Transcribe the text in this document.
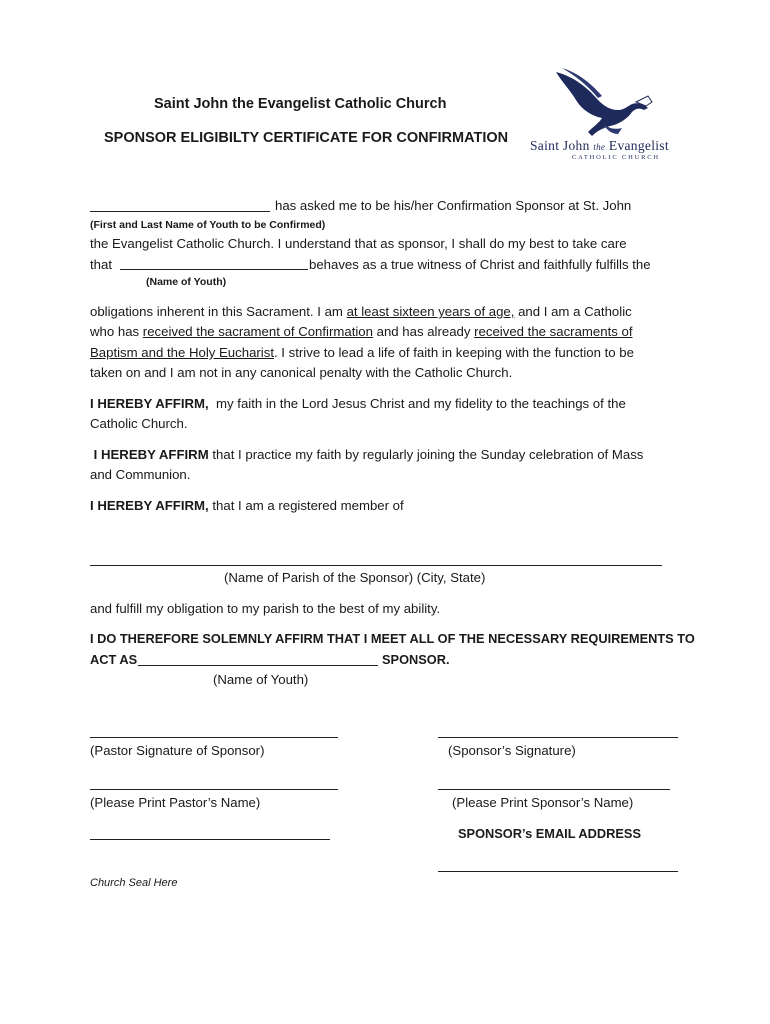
Saint John the Evangelist Catholic Church
SPONSOR ELIGIBILTY CERTIFICATE FOR CONFIRMATION Saint John the Evangelist
CATHOLIC CHURCH
has asked me to be his/her Confirmation Sponsor at St. John
(First and Last Name of Youth to be Confirmed)
the Evangelist Catholic Church. I understand that as sponsor, I shall do my best to take care
that	behaves as a true witness of Christ and faithfully fulfills the
(Name of Youth)
obligations inherent in this Sacrament. I am at least sixteen years of age, and I am a Catholic
who has received the sacrament of Confirmation and has already received the sacraments of
Baptism and the Holy Eucharist. I strive to lead a life of faith in keeping with the function to be
taken on and I am not in any canonical penalty with the Catholic Church.
I HEREBY AFFIRM,  my faith in the Lord Jesus Christ and my fidelity to the teachings of the
Catholic Church.
I HEREBY AFFIRM that I practice my faith by regularly joining the Sunday celebration of Mass
and Communion.
I HEREBY AFFIRM, that I am a registered member of
(Name of Parish of the Sponsor) (City, State)
and fulfill my obligation to my parish to the best of my ability.
I DO THEREFORE SOLEMNLY AFFIRM THAT I MEET ALL OF THE NECESSARY REQUIREMENTS TO
ACT AS	SPONSOR.
(Name of Youth)
(Pastor Signature of Sponsor)	(Sponsor’s Signature)
(Please Print Pastor’s Name)	(Please Print Sponsor’s Name)
SPONSOR’s EMAIL ADDRESS
Church Seal Here
